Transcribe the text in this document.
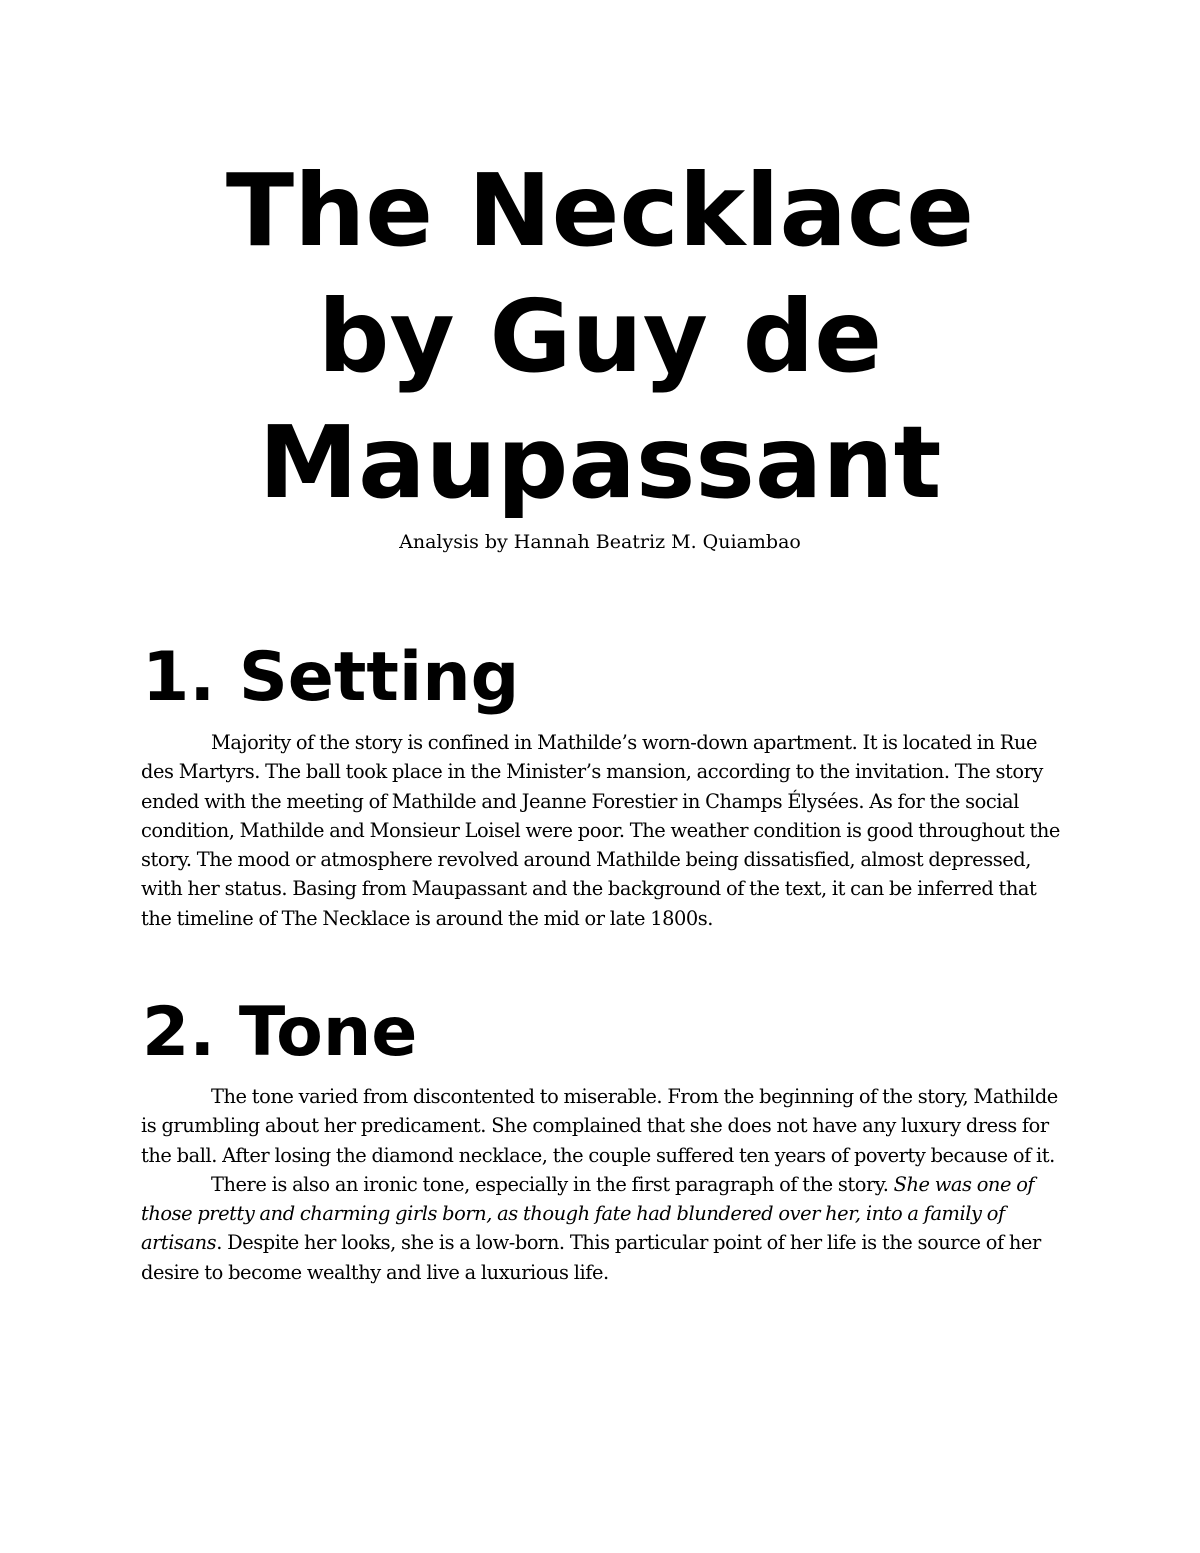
The Necklace
by Guy de
Maupassant

Analysis by Hannah Beatriz M. Quiambao

1. Setting

Majority of the story is confined in Mathilde’s worn-down apartment. It is located in Rue des Martyrs. The ball took place in the Minister’s mansion, according to the invitation. The story ended with the meeting of Mathilde and Jeanne Forestier in Champs Élysées. As for the social condition, Mathilde and Monsieur Loisel were poor. The weather condition is good throughout the story. The mood or atmosphere revolved around Mathilde being dissatisfied, almost depressed, with her status. Basing from Maupassant and the background of the text, it can be inferred that the timeline of The Necklace is around the mid or late 1800s.

2. Tone

The tone varied from discontented to miserable. From the beginning of the story, Mathilde is grumbling about her predicament. She complained that she does not have any luxury dress for the ball. After losing the diamond necklace, the couple suffered ten years of poverty because of it.

There is also an ironic tone, especially in the first paragraph of the story. She was one of those pretty and charming girls born, as though fate had blundered over her, into a family of artisans. Despite her looks, she is a low-born. This particular point of her life is the source of her desire to become wealthy and live a luxurious life.
